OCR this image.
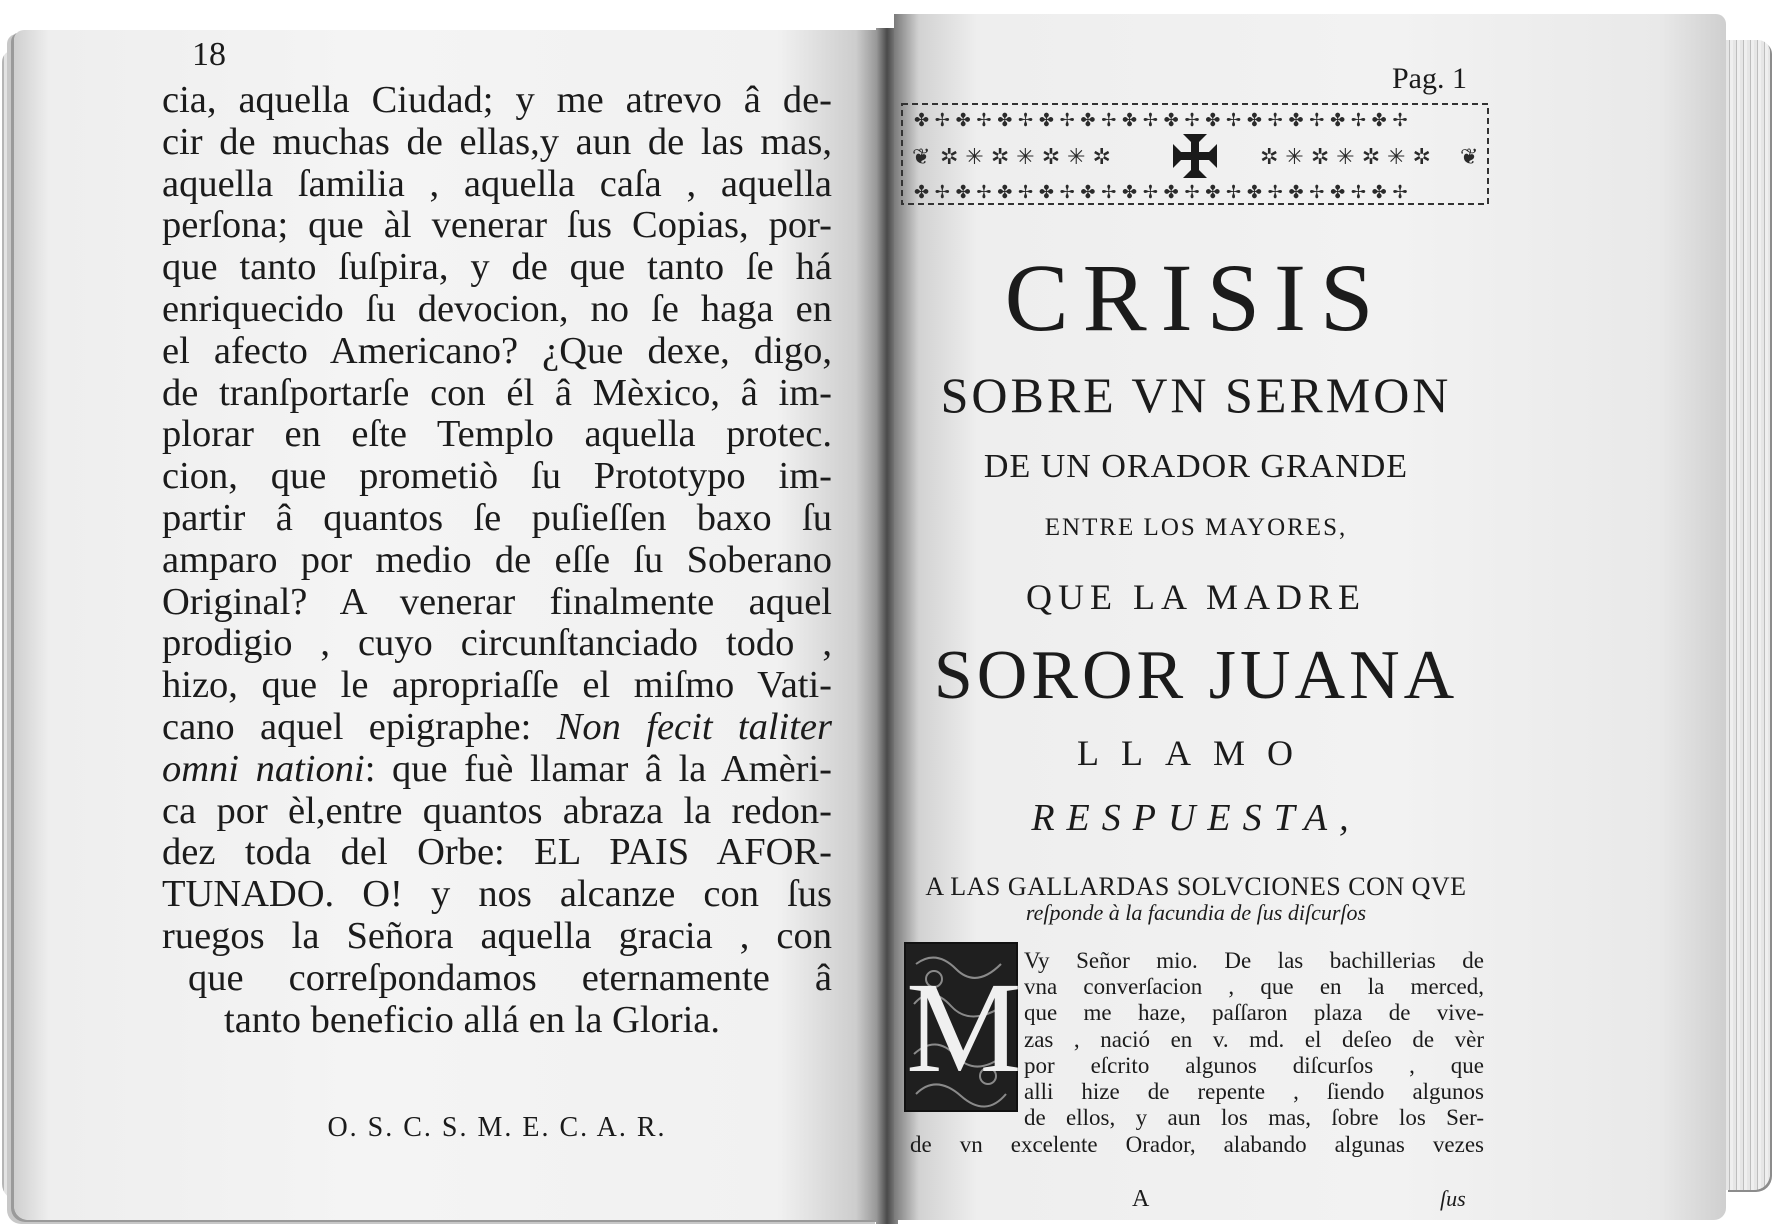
18
cia, aquella Ciudad; y me atrevo â de-
cir de muchas de ellas,y aun de las mas,
aquella ſamilia , aquella caſa , aquella
perſona; que àl venerar ſus Copias, por-
que tanto ſuſpira, y de que tanto ſe há
enriquecido ſu devocion, no ſe haga en
el afecto Americano? ¿Que dexe, digo,
de tranſportarſe con él â Mèxico, â im-
plorar en eſte Templo aquella protec.
cion, que prometiò ſu Prototypo im-
partir â quantos ſe puſieſſen baxo ſu
amparo por medio de eſſe ſu Soberano
Original? A venerar finalmente aquel
prodigio , cuyo circunſtanciado todo ,
hizo, que le apropriaſſe el miſmo Vati-
cano aquel epigraphe: Non fecit taliter
omni nationi: que fuè llamar â la Amèri-
ca por èl,entre quantos abraza la redon-
dez toda del Orbe: EL PAIS AFOR-
TUNADO. O! y nos alcanze con ſus
ruegos la Señora aquella gracia , con
que correſpondamos eternamente â
tanto beneficio allá en la Gloria.
O. S. C. S. M. E. C. A. R.
Pag. 1
✤ ✢ ✤ ✢ ✤ ✢ ✤ ✢ ✤ ✢ ✤ ✢ ✤ ✢ ✤ ✢ ✤ ✢ ✤ ✢ ✤ ✢ ✤ ✢
✤ ✢ ✤ ✢ ✤ ✢ ✤ ✢ ✤ ✢ ✤ ✢ ✤ ✢ ✤ ✢ ✤ ✢ ✤ ✢ ✤ ✢ ✤ ✢
✲ ✳ ✲ ✳ ✲ ✳ ✲	✲ ✳ ✲ ✳ ✲ ✳ ✲
❦	❦
CRISIS
SOBRE VN SERMON
DE UN ORADOR GRANDE
ENTRE LOS MAYORES,
QUE LA MADRE
SOROR JUANA
LLAMO
RESPUESTA,
A LAS GALLARDAS SOLVCIONES CON QVE
reſponde à la facundia de ſus diſcurſos
M Vy Señor mio. De las bachillerias de
vna converſacion , que en la merced,
que me haze, paſſaron plaza de vive-
zas , nació en v. md. el deſeo de vèr
por eſcrito algunos diſcurſos , que
alli hize de repente , ſiendo algunos
de ellos, y aun los mas, ſobre los Ser-
de vn excelente Orador, alabando algunas vezes
A	ſus
